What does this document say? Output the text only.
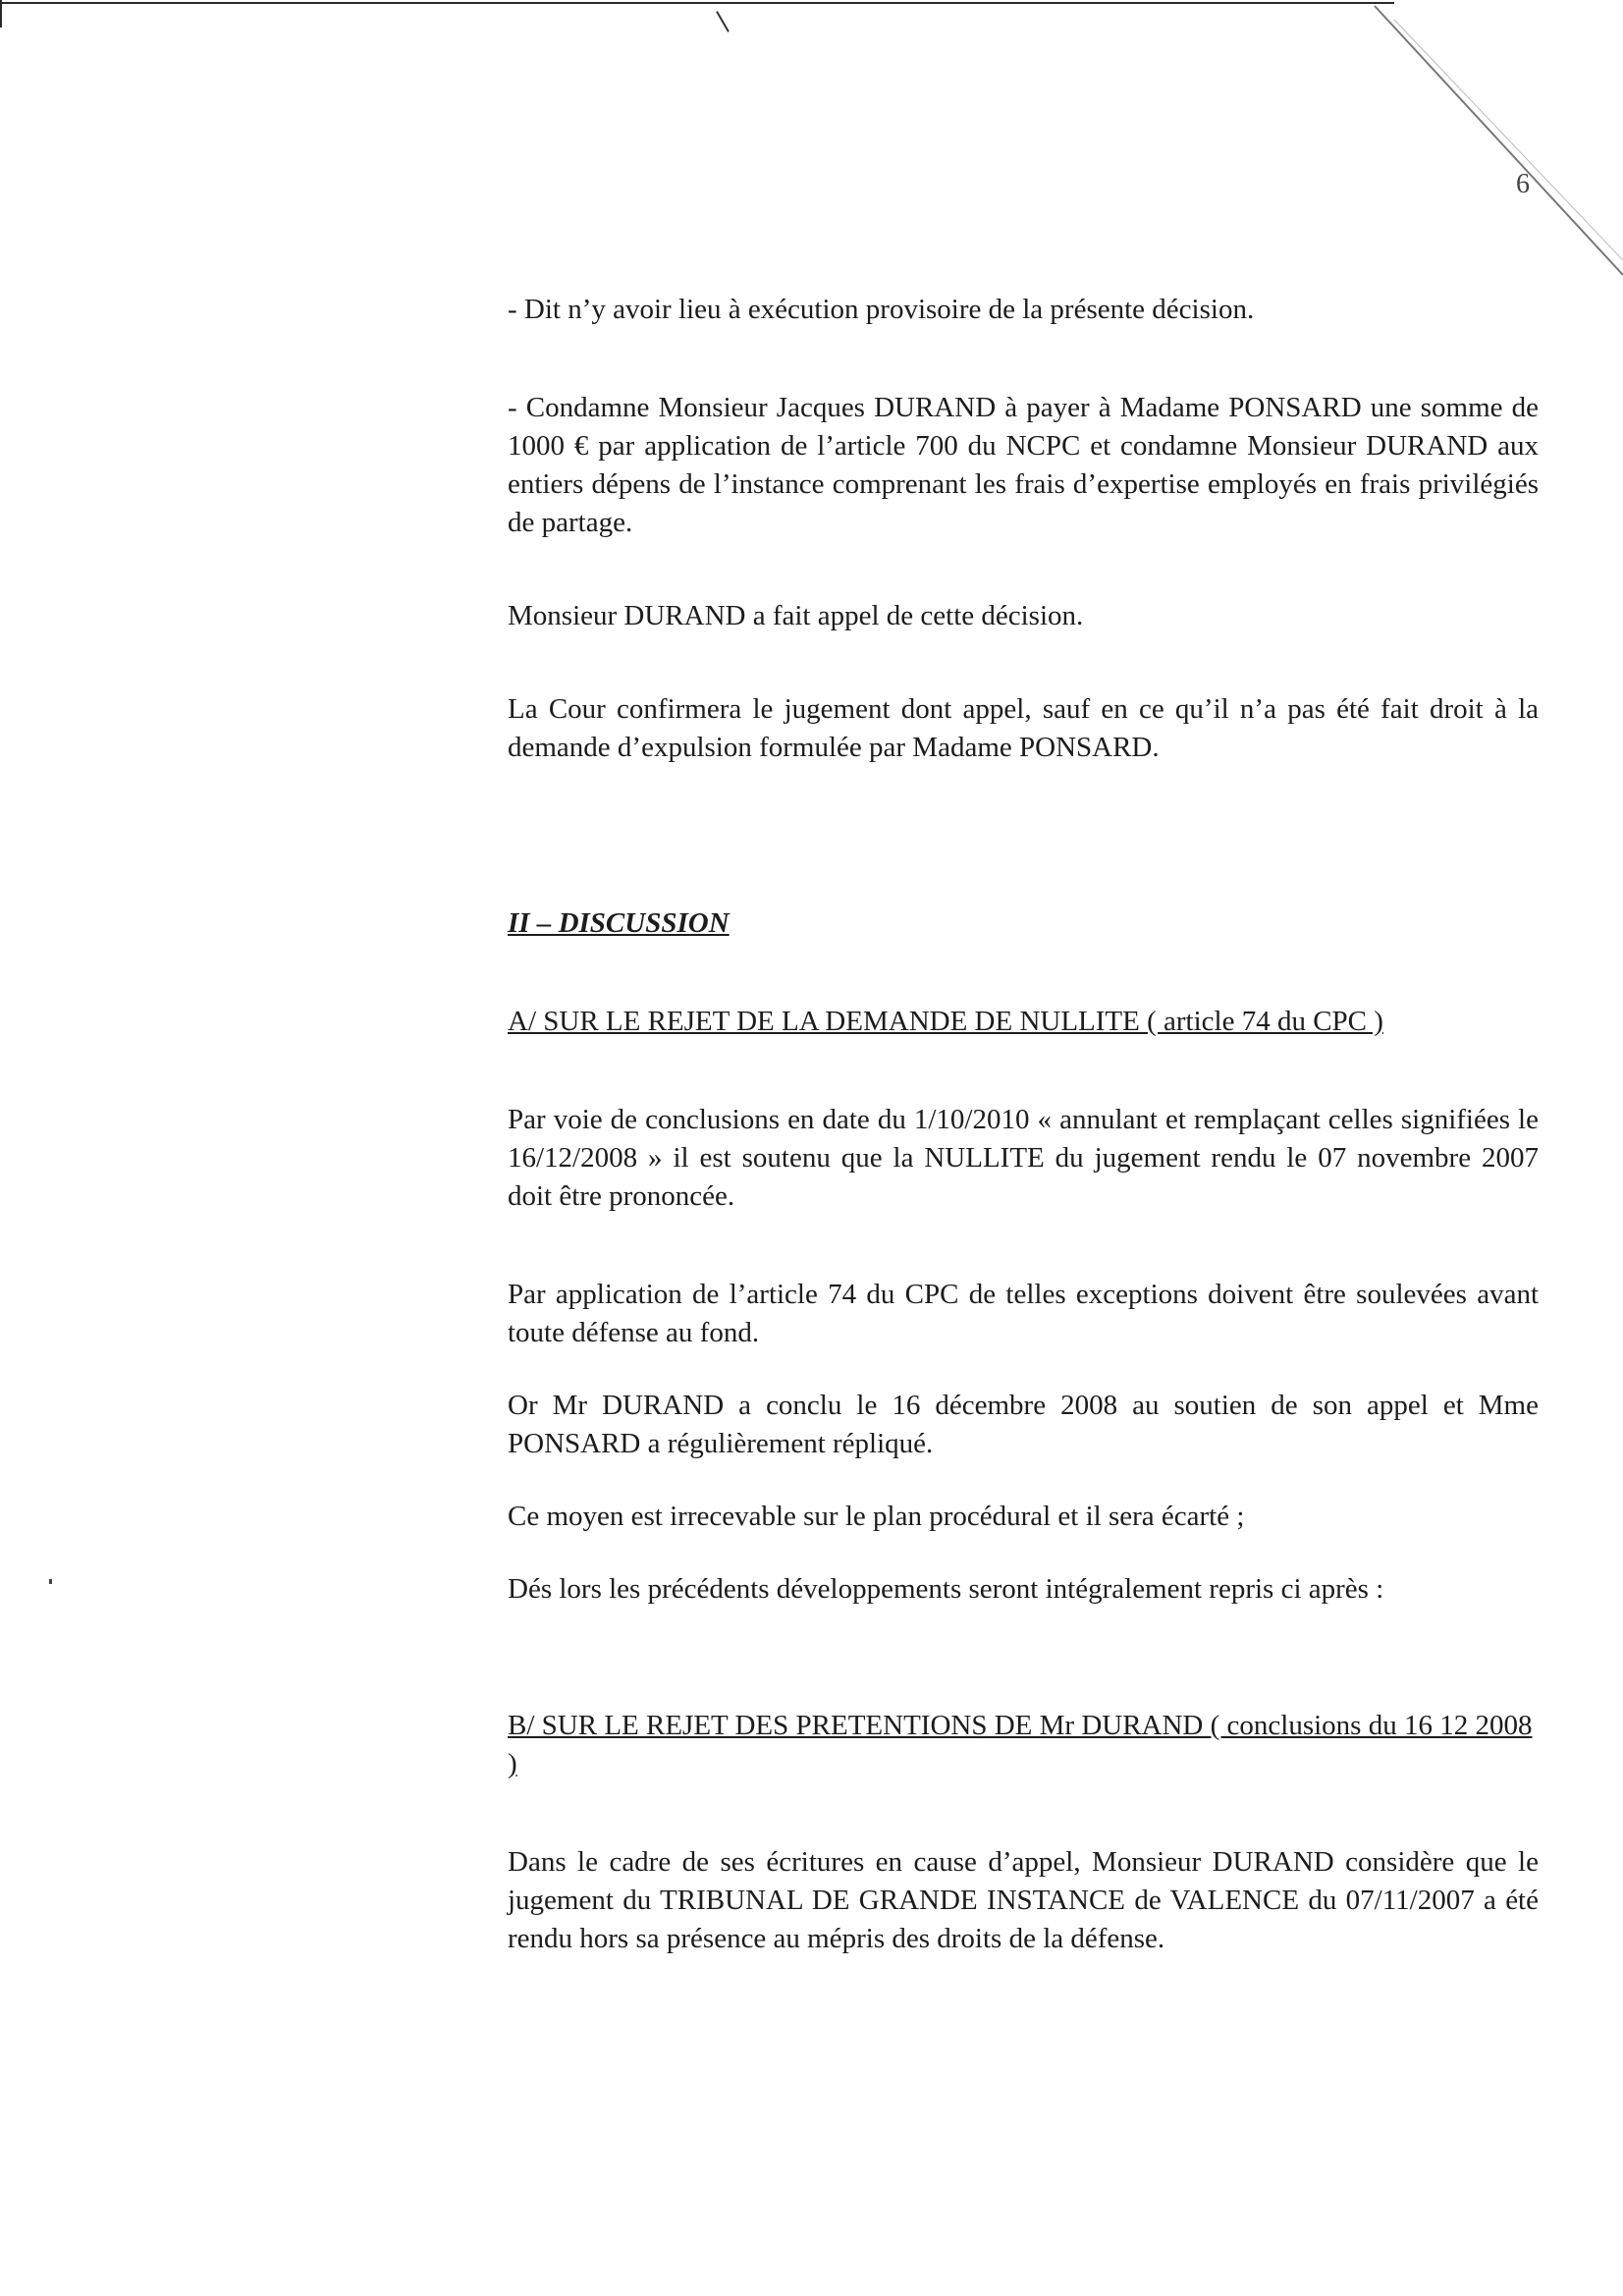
6

- Dit n’y avoir lieu à exécution provisoire de la présente décision.

- Condamne Monsieur Jacques DURAND à payer à Madame PONSARD une somme de 1000 € par application de l’article 700 du NCPC et condamne Monsieur DURAND aux entiers dépens de l’instance comprenant les frais d’expertise employés en frais privilégiés de partage.

Monsieur DURAND a fait appel de cette décision.

La Cour confirmera le jugement dont appel, sauf en ce qu’il n’a pas été fait droit à la demande d’expulsion formulée par Madame PONSARD.

II – DISCUSSION

A/ SUR LE REJET DE LA DEMANDE DE NULLITE ( article 74 du CPC )

Par voie de conclusions en date du 1/10/2010 « annulant et remplaçant celles signifiées le 16/12/2008 » il est soutenu que la NULLITE du jugement rendu le 07 novembre 2007 doit être prononcée.

Par application de l’article 74 du CPC de telles exceptions doivent être soulevées avant toute défense au fond.

Or Mr DURAND a conclu le 16 décembre 2008 au soutien de son appel et Mme PONSARD a régulièrement répliqué.

Ce moyen est irrecevable sur le plan procédural et il sera écarté ;

Dés lors les précédents développements seront intégralement repris ci après :

B/ SUR LE REJET DES PRETENTIONS DE Mr DURAND ( conclusions du 16 12 2008 )

Dans le cadre de ses écritures en cause d’appel, Monsieur DURAND considère que le jugement du TRIBUNAL DE GRANDE INSTANCE de VALENCE du 07/11/2007 a été rendu hors sa présence au mépris des droits de la défense.
